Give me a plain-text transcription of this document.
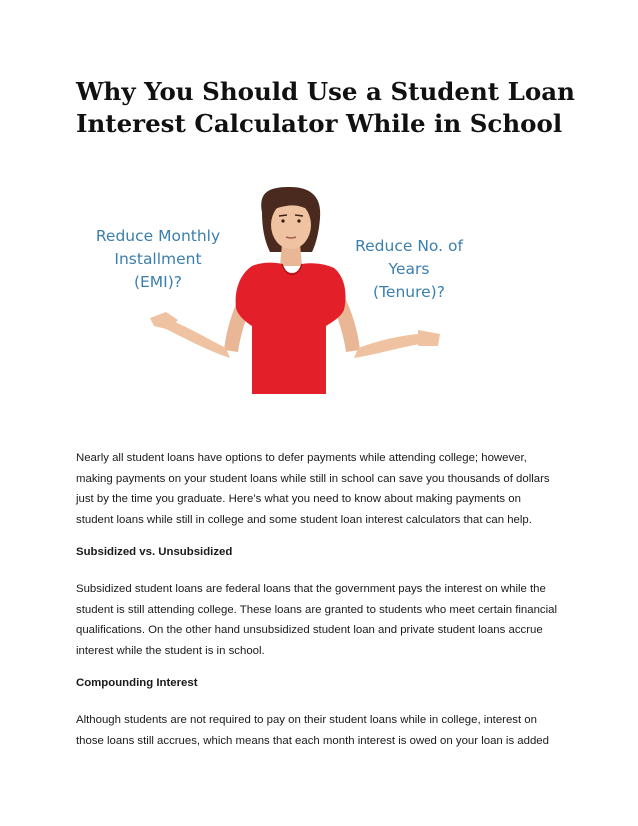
Why You Should Use a Student Loan
Interest Calculator While in School
Reduce Monthly
Installment
(EMI)?
Reduce No. of
Years
(Tenure)?

Nearly all student loans have options to defer payments while attending college; however,
making payments on your student loans while still in school can save you thousands of dollars
just by the time you graduate. Here’s what you need to know about making payments on
student loans while still in college and some student loan interest calculators that can help.

Subsidized vs. Unsubsidized

Subsidized student loans are federal loans that the government pays the interest on while the
student is still attending college. These loans are granted to students who meet certain financial
qualifications. On the other hand unsubsidized student loan and private student loans accrue
interest while the student is in school.

Compounding Interest

Although students are not required to pay on their student loans while in college, interest on
those loans still accrues, which means that each month interest is owed on your loan is added
